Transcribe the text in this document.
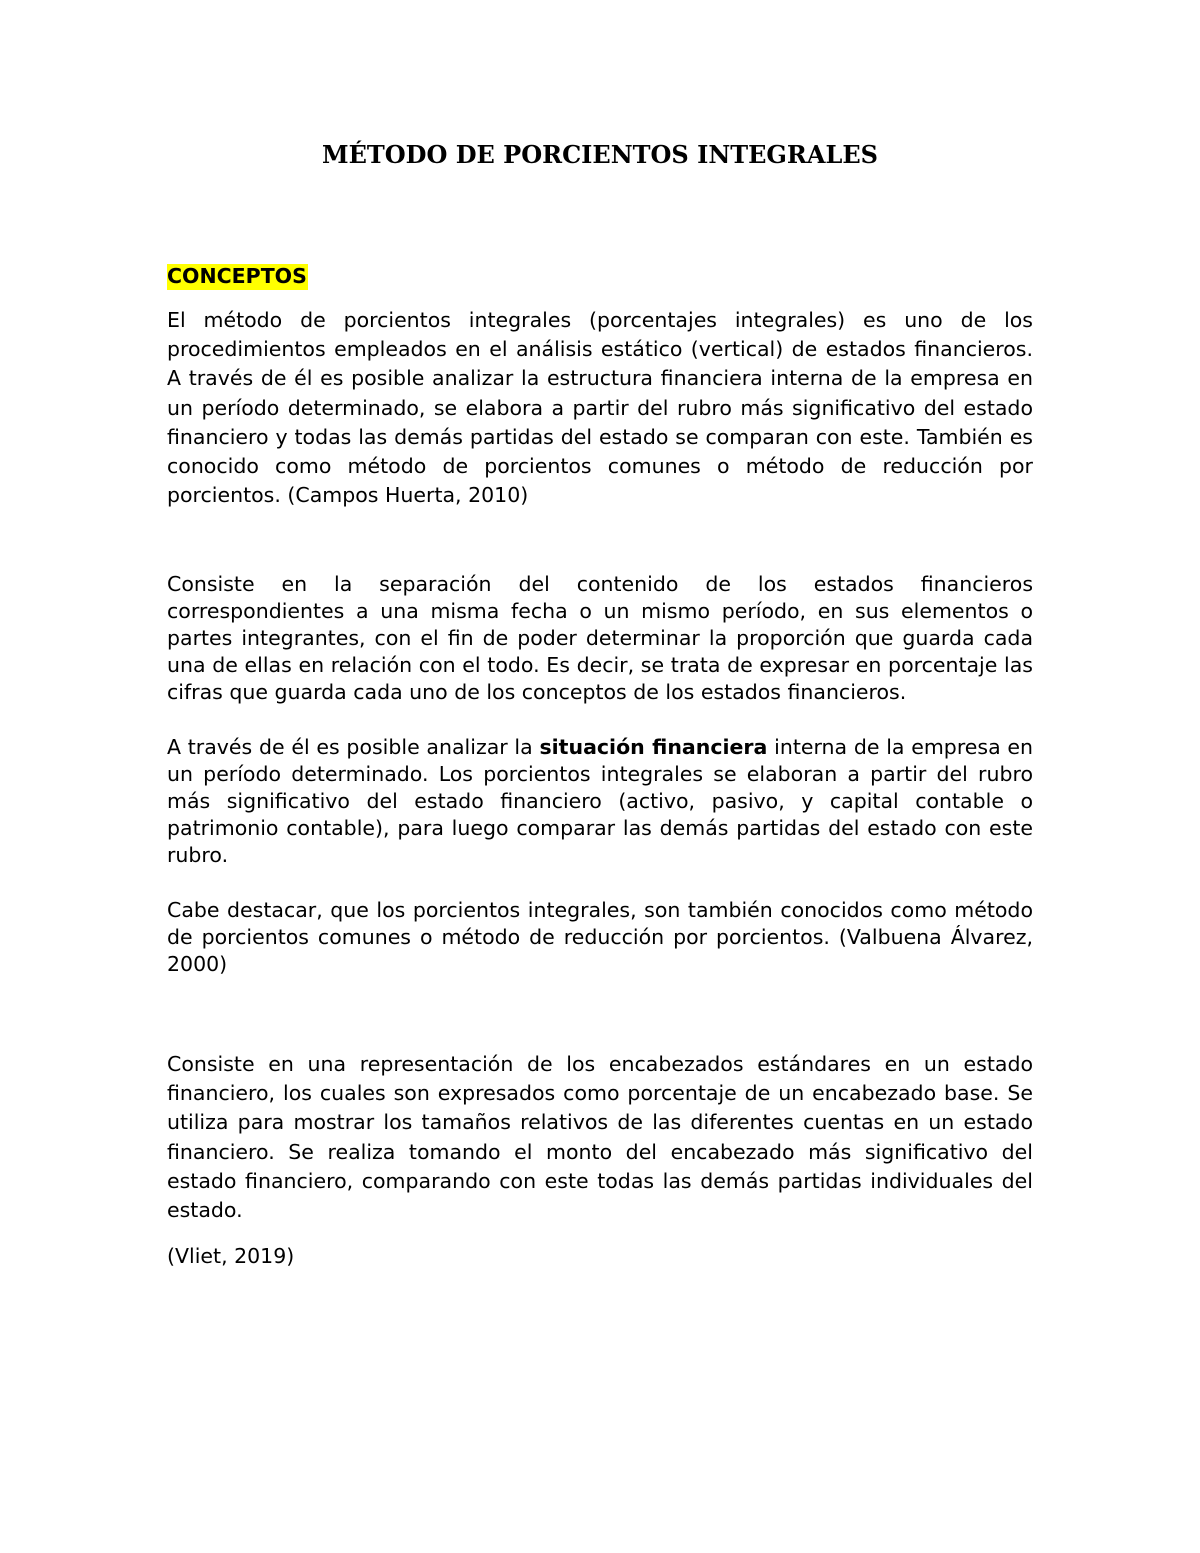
MÉTODO DE PORCIENTOS INTEGRALES

CONCEPTOS

El método de porcientos integrales (porcentajes integrales) es uno de los procedimientos empleados en el análisis estático (vertical) de estados financieros. A través de él es posible analizar la estructura financiera interna de la empresa en un período determinado, se elabora a partir del rubro más significativo del estado financiero y todas las demás partidas del estado se comparan con este. También es conocido como método de porcientos comunes o método de reducción por porcientos. (Campos Huerta, 2010)

Consiste en la separación del contenido de los estados financieros correspondientes a una misma fecha o un mismo período, en sus elementos o partes integrantes, con el fin de poder determinar la proporción que guarda cada una de ellas en relación con el todo. Es decir, se trata de expresar en porcentaje las cifras que guarda cada uno de los conceptos de los estados financieros.

A través de él es posible analizar la situación financiera interna de la empresa en un período determinado. Los porcientos integrales se elaboran a partir del rubro más significativo del estado financiero (activo, pasivo, y capital contable o patrimonio contable), para luego comparar las demás partidas del estado con este rubro.

Cabe destacar, que los porcientos integrales, son también conocidos como método de porcientos comunes o método de reducción por porcientos. (Valbuena Álvarez, 2000)

Consiste en una representación de los encabezados estándares en un estado financiero, los cuales son expresados como porcentaje de un encabezado base. Se utiliza para mostrar los tamaños relativos de las diferentes cuentas en un estado financiero. Se realiza tomando el monto del encabezado más significativo del estado financiero, comparando con este todas las demás partidas individuales del estado.

(Vliet, 2019)
